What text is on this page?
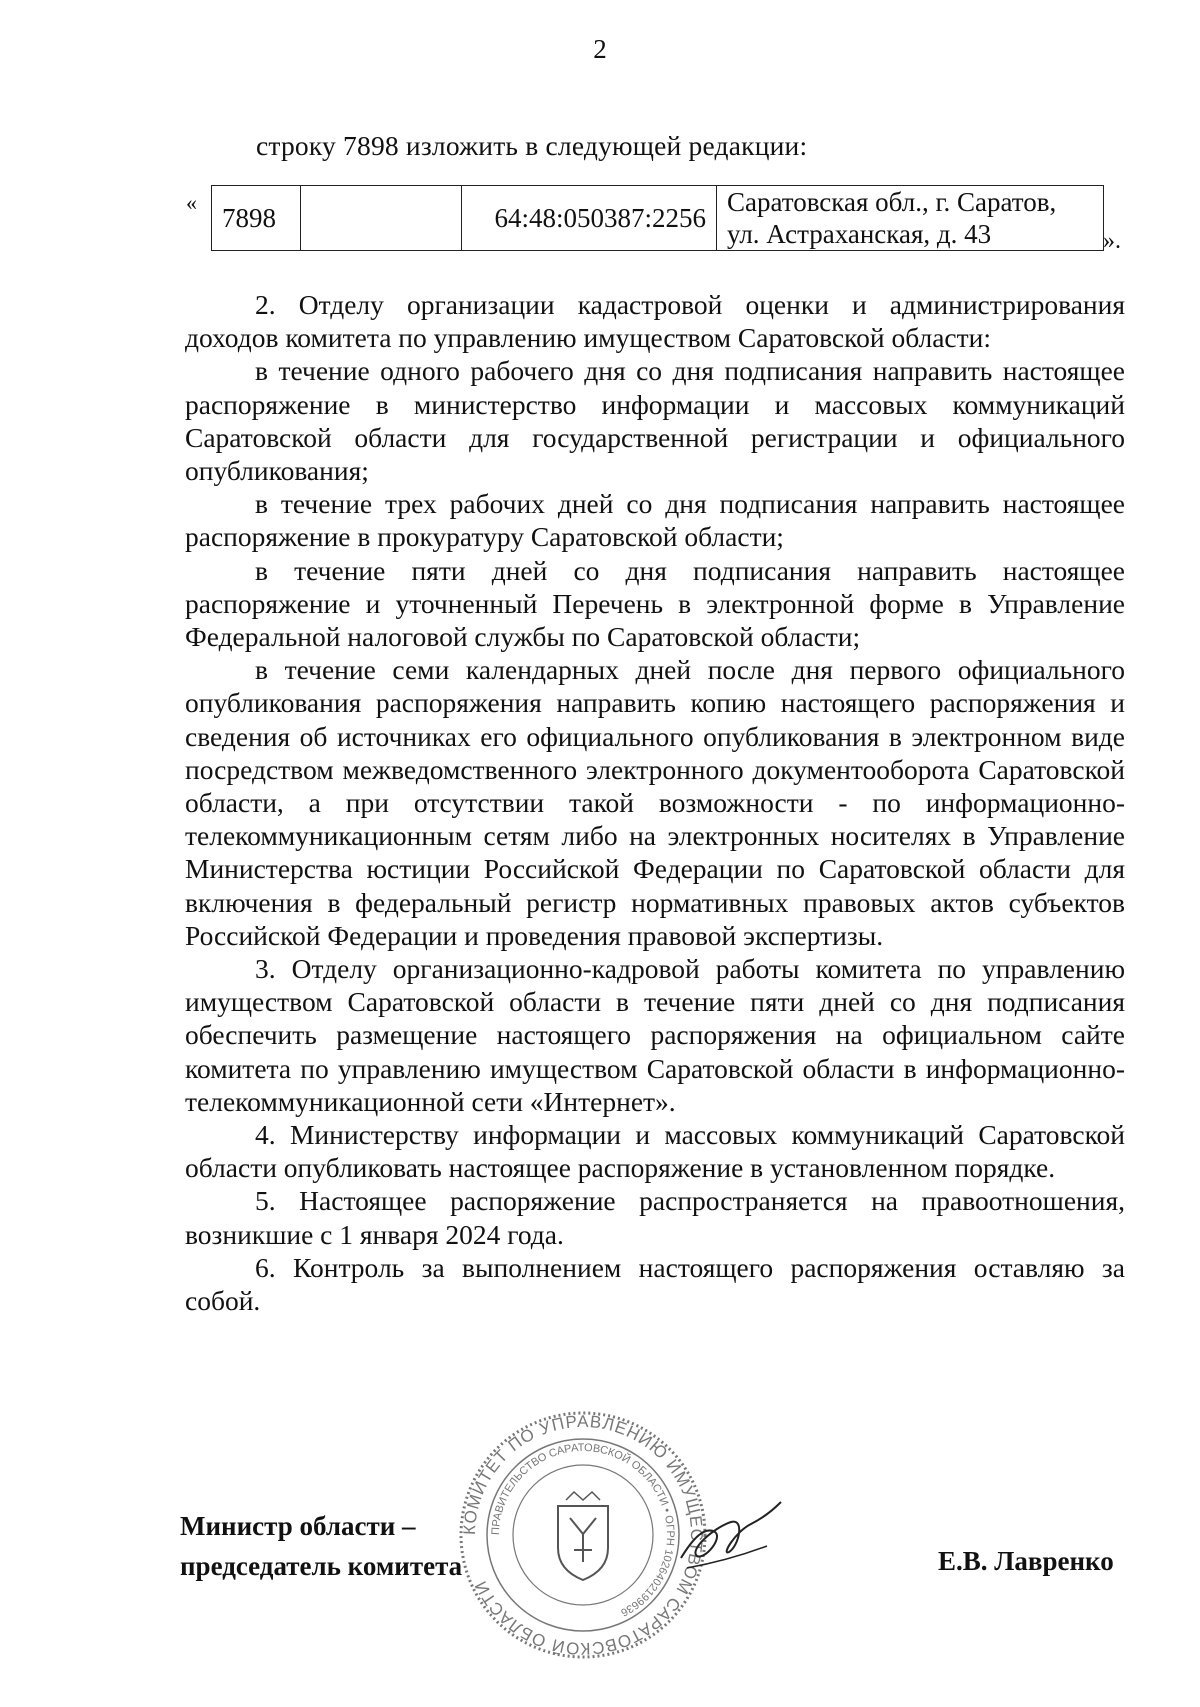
2
строку 7898 изложить в следующей редакции:
« 7898		64:48:050387:2256	
Саратовская обл., г. Саратов,
ул. Астраханская, д. 43	».

2. Отделу организации кадастровой оценки и администрирования доходов комитета по управлению имуществом Саратовской области:

в течение одного рабочего дня со дня подписания направить настоящее распоряжение в министерство информации и массовых коммуникаций Саратовской области для государственной регистрации и официального опубликования;

в течение трех рабочих дней со дня подписания направить настоящее распоряжение в прокуратуру Саратовской области;

в течение пяти дней со дня подписания направить настоящее распоряжение и уточненный Перечень в электронной форме в Управление Федеральной налоговой службы по Саратовской области;

в течение семи календарных дней после дня первого официального опубликования распоряжения направить копию настоящего распоряжения и сведения об источниках его официального опубликования в электронном виде посредством межведомственного электронного документооборота Саратовской области, а при отсутствии такой возможности - по информационно-телекоммуникационным сетям либо на электронных носителях в Управление Министерства юстиции Российской Федерации по Саратовской области для включения в федеральный регистр нормативных правовых актов субъектов Российской Федерации и проведения правовой экспертизы.

3. Отделу организационно-кадровой работы комитета по управлению имуществом Саратовской области в течение пяти дней со дня подписания обеспечить размещение настоящего распоряжения на официальном сайте комитета по управлению имуществом Саратовской области в информационно-телекоммуникационной сети «Интернет».

4. Министерству информации и массовых коммуникаций Саратовской области опубликовать настоящее распоряжение в установленном порядке.

5. Настоящее распоряжение распространяется на правоотношения, возникшие с 1 января 2024 года.

6. Контроль за выполнением настоящего распоряжения оставляю за собой.

КОМИТЕТ ПО УПРАВЛЕНИЮ ИМУЩЕСТВОМ САРАТОВСКОЙ ОБЛАСТИ
ПРАВИТЕЛЬСТВО САРАТОВСКОЙ ОБЛАСТИ • ОГРН 1026402199636
Министр области –
председатель комитета	Е.В. Лавренко
